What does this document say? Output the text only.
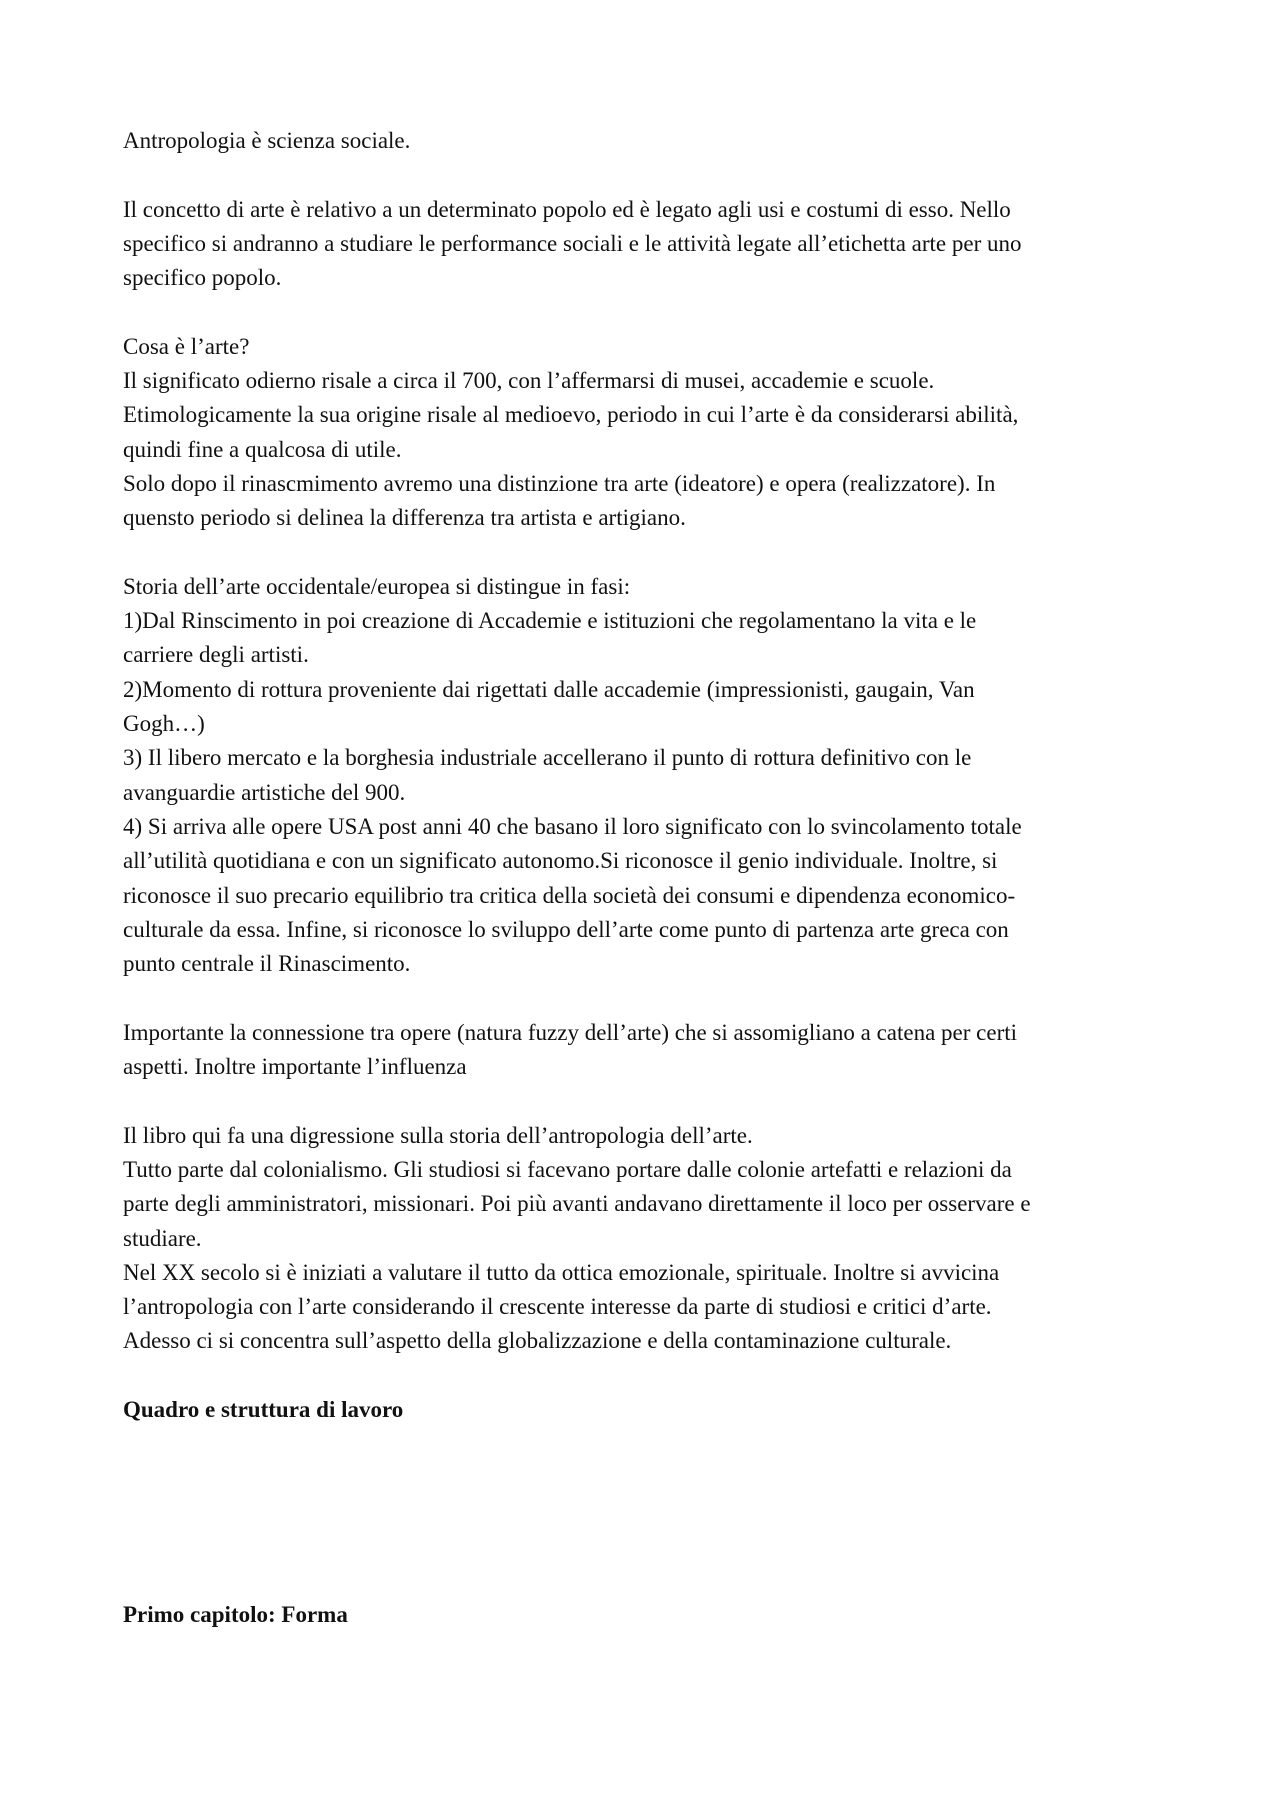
Antropologia è scienza sociale.

Il concetto di arte è relativo a un determinato popolo ed è legato agli usi e costumi di esso. Nello
specifico si andranno a studiare le performance sociali e le attività legate all’etichetta arte per uno
specifico popolo.

Cosa è l’arte?
Il significato odierno risale a circa il 700, con l’affermarsi di musei, accademie e scuole.
Etimologicamente la sua origine risale al medioevo, periodo in cui l’arte è da considerarsi abilità,
quindi fine a qualcosa di utile.
Solo dopo il rinascmimento avremo una distinzione tra arte (ideatore) e opera (realizzatore). In
quensto periodo si delinea la differenza tra artista e artigiano.

Storia dell’arte occidentale/europea si distingue in fasi:
1)Dal Rinscimento in poi creazione di Accademie e istituzioni che regolamentano la vita e le
carriere degli artisti.
2)Momento di rottura proveniente dai rigettati dalle accademie (impressionisti, gaugain, Van
Gogh…)
3) Il libero mercato e la borghesia industriale accellerano il punto di rottura definitivo con le
avanguardie artistiche del 900.
4) Si arriva alle opere USA post anni 40 che basano il loro significato con lo svincolamento totale
all’utilità quotidiana e con un significato autonomo.Si riconosce il genio individuale. Inoltre, si
riconosce il suo precario equilibrio tra critica della società dei consumi e dipendenza economico-
culturale da essa. Infine, si riconosce lo sviluppo dell’arte come punto di partenza arte greca con
punto centrale il Rinascimento.

Importante la connessione tra opere (natura fuzzy dell’arte) che si assomigliano a catena per certi
aspetti. Inoltre importante l’influenza

Il libro qui fa una digressione sulla storia dell’antropologia dell’arte.
Tutto parte dal colonialismo. Gli studiosi si facevano portare dalle colonie artefatti e relazioni da
parte degli amministratori, missionari. Poi più avanti andavano direttamente il loco per osservare e
studiare.
Nel XX secolo si è iniziati a valutare il tutto da ottica emozionale, spirituale. Inoltre si avvicina
l’antropologia con l’arte considerando il crescente interesse da parte di studiosi e critici d’arte.
Adesso ci si concentra sull’aspetto della globalizzazione e della contaminazione culturale.

Quadro e struttura di lavoro

Primo capitolo: Forma
